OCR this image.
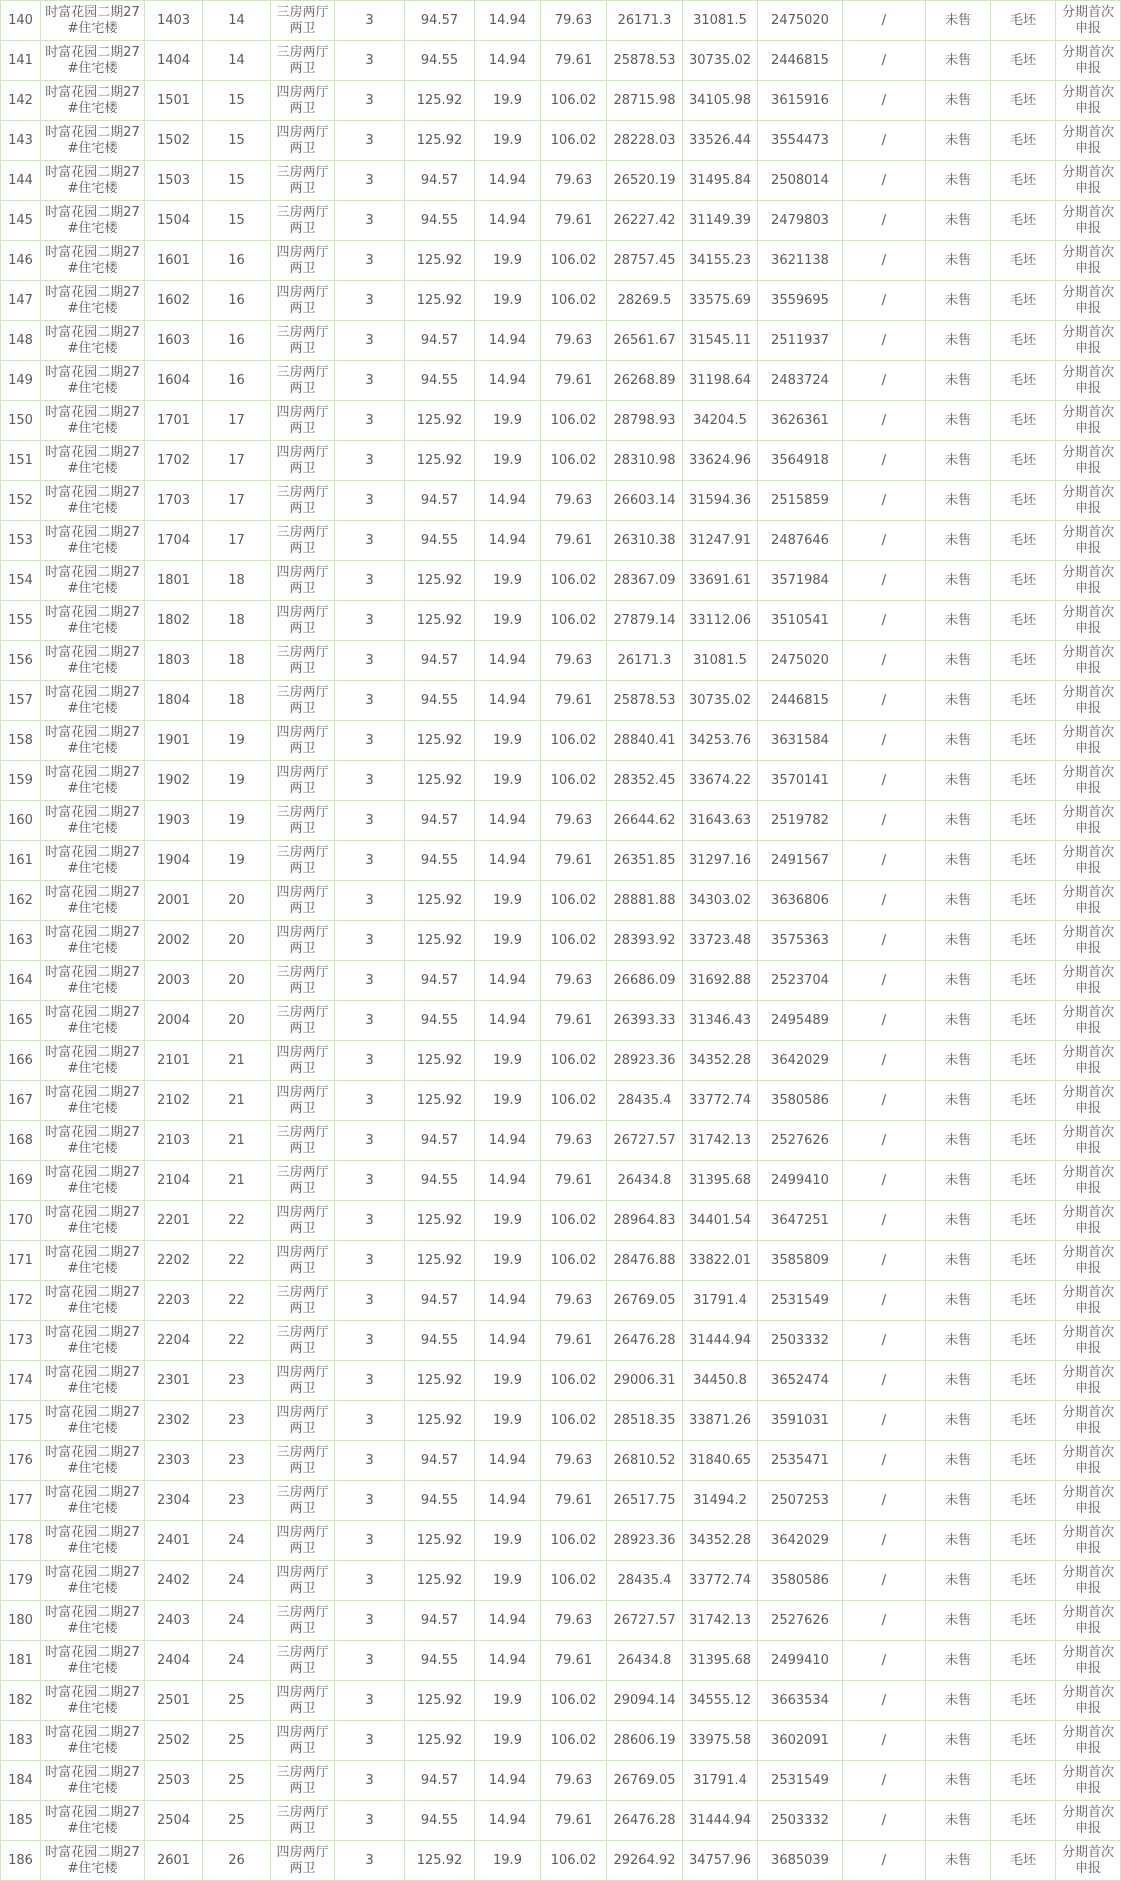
140	时富花园二期27#住宅楼	1403	14	三房两厅两卫	3	94.57	14.94	79.63	26171.3	31081.5	2475020	/	未售	毛坯	分期首次申报
141	时富花园二期27#住宅楼	1404	14	三房两厅两卫	3	94.55	14.94	79.61	25878.53	30735.02	2446815	/	未售	毛坯	分期首次申报
142	时富花园二期27#住宅楼	1501	15	四房两厅两卫	3	125.92	19.9	106.02	28715.98	34105.98	3615916	/	未售	毛坯	分期首次申报
143	时富花园二期27#住宅楼	1502	15	四房两厅两卫	3	125.92	19.9	106.02	28228.03	33526.44	3554473	/	未售	毛坯	分期首次申报
144	时富花园二期27#住宅楼	1503	15	三房两厅两卫	3	94.57	14.94	79.63	26520.19	31495.84	2508014	/	未售	毛坯	分期首次申报
145	时富花园二期27#住宅楼	1504	15	三房两厅两卫	3	94.55	14.94	79.61	26227.42	31149.39	2479803	/	未售	毛坯	分期首次申报
146	时富花园二期27#住宅楼	1601	16	四房两厅两卫	3	125.92	19.9	106.02	28757.45	34155.23	3621138	/	未售	毛坯	分期首次申报
147	时富花园二期27#住宅楼	1602	16	四房两厅两卫	3	125.92	19.9	106.02	28269.5	33575.69	3559695	/	未售	毛坯	分期首次申报
148	时富花园二期27#住宅楼	1603	16	三房两厅两卫	3	94.57	14.94	79.63	26561.67	31545.11	2511937	/	未售	毛坯	分期首次申报
149	时富花园二期27#住宅楼	1604	16	三房两厅两卫	3	94.55	14.94	79.61	26268.89	31198.64	2483724	/	未售	毛坯	分期首次申报
150	时富花园二期27#住宅楼	1701	17	四房两厅两卫	3	125.92	19.9	106.02	28798.93	34204.5	3626361	/	未售	毛坯	分期首次申报
151	时富花园二期27#住宅楼	1702	17	四房两厅两卫	3	125.92	19.9	106.02	28310.98	33624.96	3564918	/	未售	毛坯	分期首次申报
152	时富花园二期27#住宅楼	1703	17	三房两厅两卫	3	94.57	14.94	79.63	26603.14	31594.36	2515859	/	未售	毛坯	分期首次申报
153	时富花园二期27#住宅楼	1704	17	三房两厅两卫	3	94.55	14.94	79.61	26310.38	31247.91	2487646	/	未售	毛坯	分期首次申报
154	时富花园二期27#住宅楼	1801	18	四房两厅两卫	3	125.92	19.9	106.02	28367.09	33691.61	3571984	/	未售	毛坯	分期首次申报
155	时富花园二期27#住宅楼	1802	18	四房两厅两卫	3	125.92	19.9	106.02	27879.14	33112.06	3510541	/	未售	毛坯	分期首次申报
156	时富花园二期27#住宅楼	1803	18	三房两厅两卫	3	94.57	14.94	79.63	26171.3	31081.5	2475020	/	未售	毛坯	分期首次申报
157	时富花园二期27#住宅楼	1804	18	三房两厅两卫	3	94.55	14.94	79.61	25878.53	30735.02	2446815	/	未售	毛坯	分期首次申报
158	时富花园二期27#住宅楼	1901	19	四房两厅两卫	3	125.92	19.9	106.02	28840.41	34253.76	3631584	/	未售	毛坯	分期首次申报
159	时富花园二期27#住宅楼	1902	19	四房两厅两卫	3	125.92	19.9	106.02	28352.45	33674.22	3570141	/	未售	毛坯	分期首次申报
160	时富花园二期27#住宅楼	1903	19	三房两厅两卫	3	94.57	14.94	79.63	26644.62	31643.63	2519782	/	未售	毛坯	分期首次申报
161	时富花园二期27#住宅楼	1904	19	三房两厅两卫	3	94.55	14.94	79.61	26351.85	31297.16	2491567	/	未售	毛坯	分期首次申报
162	时富花园二期27#住宅楼	2001	20	四房两厅两卫	3	125.92	19.9	106.02	28881.88	34303.02	3636806	/	未售	毛坯	分期首次申报
163	时富花园二期27#住宅楼	2002	20	四房两厅两卫	3	125.92	19.9	106.02	28393.92	33723.48	3575363	/	未售	毛坯	分期首次申报
164	时富花园二期27#住宅楼	2003	20	三房两厅两卫	3	94.57	14.94	79.63	26686.09	31692.88	2523704	/	未售	毛坯	分期首次申报
165	时富花园二期27#住宅楼	2004	20	三房两厅两卫	3	94.55	14.94	79.61	26393.33	31346.43	2495489	/	未售	毛坯	分期首次申报
166	时富花园二期27#住宅楼	2101	21	四房两厅两卫	3	125.92	19.9	106.02	28923.36	34352.28	3642029	/	未售	毛坯	分期首次申报
167	时富花园二期27#住宅楼	2102	21	四房两厅两卫	3	125.92	19.9	106.02	28435.4	33772.74	3580586	/	未售	毛坯	分期首次申报
168	时富花园二期27#住宅楼	2103	21	三房两厅两卫	3	94.57	14.94	79.63	26727.57	31742.13	2527626	/	未售	毛坯	分期首次申报
169	时富花园二期27#住宅楼	2104	21	三房两厅两卫	3	94.55	14.94	79.61	26434.8	31395.68	2499410	/	未售	毛坯	分期首次申报
170	时富花园二期27#住宅楼	2201	22	四房两厅两卫	3	125.92	19.9	106.02	28964.83	34401.54	3647251	/	未售	毛坯	分期首次申报
171	时富花园二期27#住宅楼	2202	22	四房两厅两卫	3	125.92	19.9	106.02	28476.88	33822.01	3585809	/	未售	毛坯	分期首次申报
172	时富花园二期27#住宅楼	2203	22	三房两厅两卫	3	94.57	14.94	79.63	26769.05	31791.4	2531549	/	未售	毛坯	分期首次申报
173	时富花园二期27#住宅楼	2204	22	三房两厅两卫	3	94.55	14.94	79.61	26476.28	31444.94	2503332	/	未售	毛坯	分期首次申报
174	时富花园二期27#住宅楼	2301	23	四房两厅两卫	3	125.92	19.9	106.02	29006.31	34450.8	3652474	/	未售	毛坯	分期首次申报
175	时富花园二期27#住宅楼	2302	23	四房两厅两卫	3	125.92	19.9	106.02	28518.35	33871.26	3591031	/	未售	毛坯	分期首次申报
176	时富花园二期27#住宅楼	2303	23	三房两厅两卫	3	94.57	14.94	79.63	26810.52	31840.65	2535471	/	未售	毛坯	分期首次申报
177	时富花园二期27#住宅楼	2304	23	三房两厅两卫	3	94.55	14.94	79.61	26517.75	31494.2	2507253	/	未售	毛坯	分期首次申报
178	时富花园二期27#住宅楼	2401	24	四房两厅两卫	3	125.92	19.9	106.02	28923.36	34352.28	3642029	/	未售	毛坯	分期首次申报
179	时富花园二期27#住宅楼	2402	24	四房两厅两卫	3	125.92	19.9	106.02	28435.4	33772.74	3580586	/	未售	毛坯	分期首次申报
180	时富花园二期27#住宅楼	2403	24	三房两厅两卫	3	94.57	14.94	79.63	26727.57	31742.13	2527626	/	未售	毛坯	分期首次申报
181	时富花园二期27#住宅楼	2404	24	三房两厅两卫	3	94.55	14.94	79.61	26434.8	31395.68	2499410	/	未售	毛坯	分期首次申报
182	时富花园二期27#住宅楼	2501	25	四房两厅两卫	3	125.92	19.9	106.02	29094.14	34555.12	3663534	/	未售	毛坯	分期首次申报
183	时富花园二期27#住宅楼	2502	25	四房两厅两卫	3	125.92	19.9	106.02	28606.19	33975.58	3602091	/	未售	毛坯	分期首次申报
184	时富花园二期27#住宅楼	2503	25	三房两厅两卫	3	94.57	14.94	79.63	26769.05	31791.4	2531549	/	未售	毛坯	分期首次申报
185	时富花园二期27#住宅楼	2504	25	三房两厅两卫	3	94.55	14.94	79.61	26476.28	31444.94	2503332	/	未售	毛坯	分期首次申报
186	时富花园二期27#住宅楼	2601	26	四房两厅两卫	3	125.92	19.9	106.02	29264.92	34757.96	3685039	/	未售	毛坯	分期首次申报
